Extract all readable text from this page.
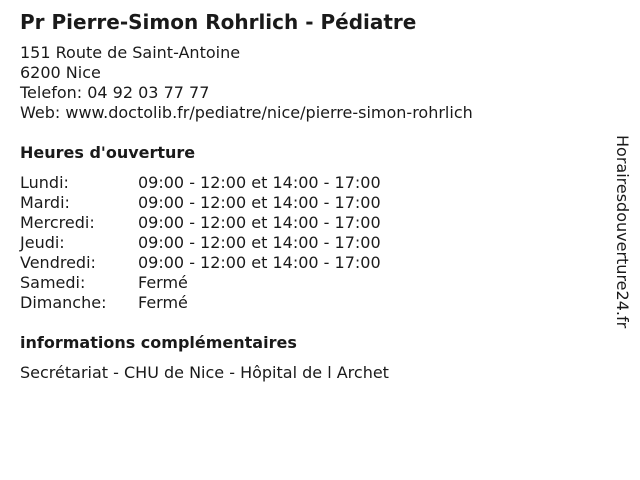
Pr Pierre-Simon Rohrlich - Pédiatre
151 Route de Saint-Antoine
6200 Nice
Telefon: 04 92 03 77 77
Web: www.doctolib.fr/pediatre/nice/pierre-simon-rohrlich
Heures d'ouverture
Lundi:	09:00 - 12:00 et 14:00 - 17:00
Mardi:	09:00 - 12:00 et 14:00 - 17:00
Mercredi:	09:00 - 12:00 et 14:00 - 17:00
Jeudi:	09:00 - 12:00 et 14:00 - 17:00
Vendredi:	09:00 - 12:00 et 14:00 - 17:00
Samedi:	Fermé
Dimanche:	Fermé
informations complémentaires
Secrétariat - CHU de Nice - Hôpital de l Archet
Horairesdouverture24.fr
